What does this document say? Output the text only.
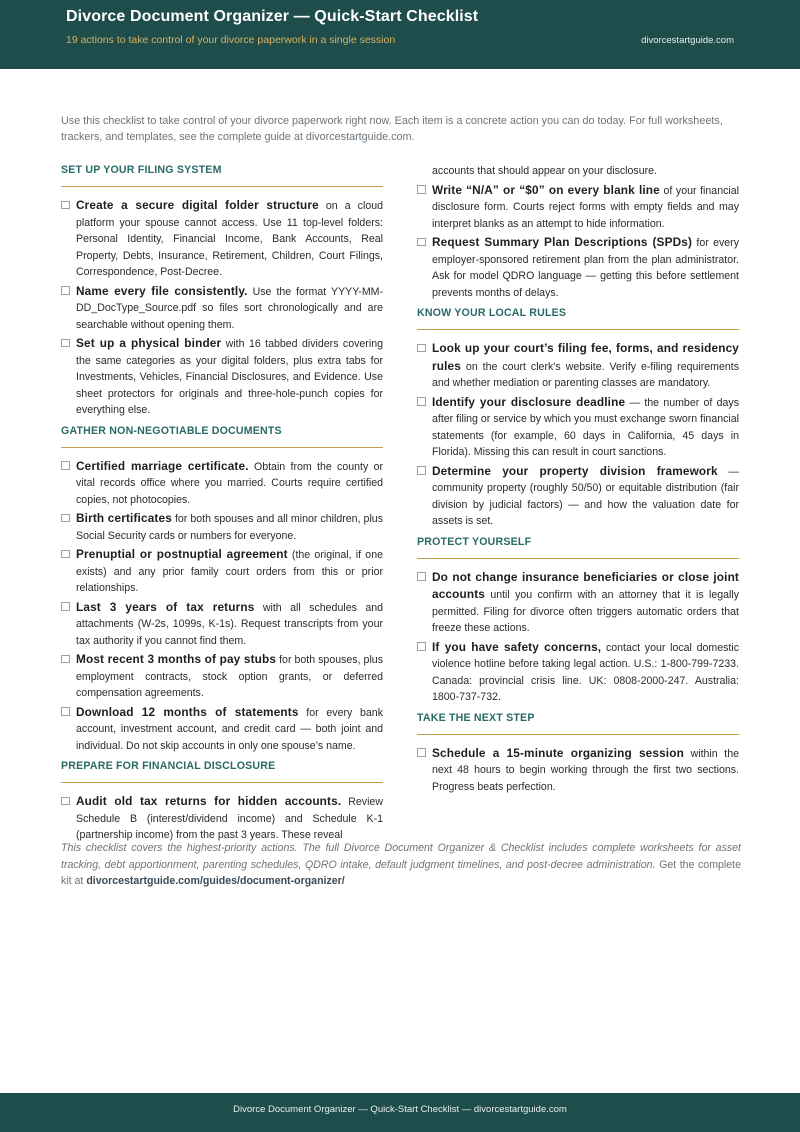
Divorce Document Organizer — Quick-Start Checklist
19 actions to take control of your divorce paperwork in a single session	divorcestartguide.com
Use this checklist to take control of your divorce paperwork right now. Each item is a concrete action you can do today. For full worksheets, trackers, and templates, see the complete guide at divorcestartguide.com.
SET UP YOUR FILING SYSTEM
Create a secure digital folder structure on a cloud platform your spouse cannot access. Use 11 top-level folders: Personal Identity, Financial Income, Bank Accounts, Real Property, Debts, Insurance, Retirement, Children, Court Filings, Correspondence, Post-Decree.
Name every file consistently. Use the format YYYY-MM-DD_DocType_Source.pdf so files sort chronologically and are searchable without opening them.
Set up a physical binder with 16 tabbed dividers covering the same categories as your digital folders, plus extra tabs for Investments, Vehicles, Financial Disclosures, and Evidence. Use sheet protectors for originals and three-hole-punch copies for everything else.
GATHER NON-NEGOTIABLE DOCUMENTS
Certified marriage certificate. Obtain from the county or vital records office where you married. Courts require certified copies, not photocopies.
Birth certificates for both spouses and all minor children, plus Social Security cards or numbers for everyone.
Prenuptial or postnuptial agreement (the original, if one exists) and any prior family court orders from this or prior relationships.
Last 3 years of tax returns with all schedules and attachments (W-2s, 1099s, K-1s). Request transcripts from your tax authority if you cannot find them.
Most recent 3 months of pay stubs for both spouses, plus employment contracts, stock option grants, or deferred compensation agreements.
Download 12 months of statements for every bank account, investment account, and credit card — both joint and individual. Do not skip accounts in only one spouse’s name.
PREPARE FOR FINANCIAL DISCLOSURE
Audit old tax returns for hidden accounts. Review Schedule B (interest/dividend income) and Schedule K-1 (partnership income) from the past 3 years. These reveal
accounts that should appear on your disclosure.
Write “N/A” or “$0” on every blank line of your financial disclosure form. Courts reject forms with empty fields and may interpret blanks as an attempt to hide information.
Request Summary Plan Descriptions (SPDs) for every employer-sponsored retirement plan from the plan administrator. Ask for model QDRO language — getting this before settlement prevents months of delays.
KNOW YOUR LOCAL RULES
Look up your court’s filing fee, forms, and residency rules on the court clerk’s website. Verify e-filing requirements and whether mediation or parenting classes are mandatory.
Identify your disclosure deadline — the number of days after filing or service by which you must exchange sworn financial statements (for example, 60 days in California, 45 days in Florida). Missing this can result in court sanctions.
Determine your property division framework — community property (roughly 50/50) or equitable distribution (fair division by judicial factors) — and how the valuation date for assets is set.
PROTECT YOURSELF
Do not change insurance beneficiaries or close joint accounts until you confirm with an attorney that it is legally permitted. Filing for divorce often triggers automatic orders that freeze these actions.
If you have safety concerns, contact your local domestic violence hotline before taking legal action. U.S.: 1-800-799-7233. Canada: provincial crisis line. UK: 0808-2000-247. Australia: 1800-737-732.
TAKE THE NEXT STEP
Schedule a 15-minute organizing session within the next 48 hours to begin working through the first two sections. Progress beats perfection.
This checklist covers the highest-priority actions. The full Divorce Document Organizer & Checklist includes complete worksheets for asset tracking, debt apportionment, parenting schedules, QDRO intake, default judgment timelines, and post-decree administration. Get the complete kit at divorcestartguide.com/guides/document-organizer/
Divorce Document Organizer — Quick-Start Checklist — divorcestartguide.com
